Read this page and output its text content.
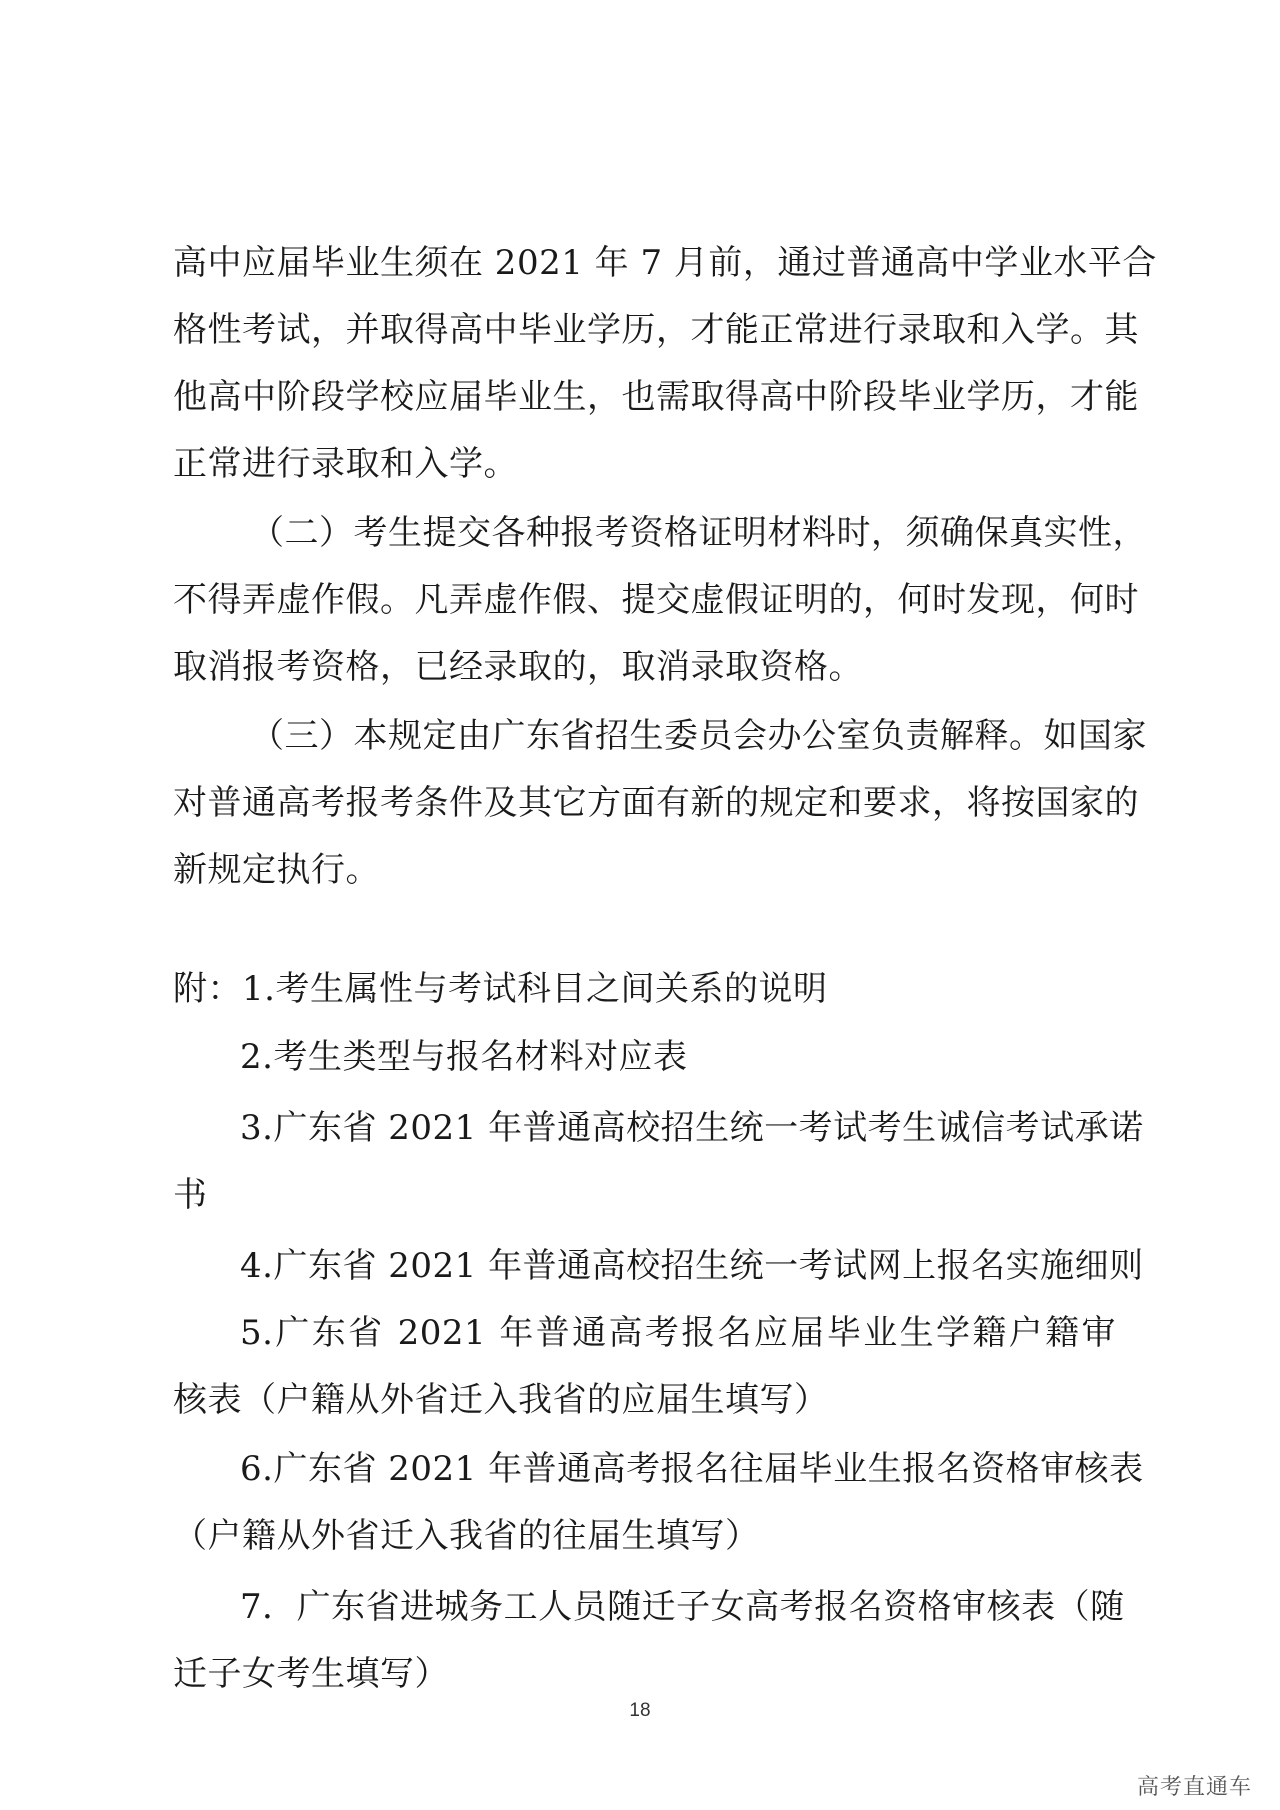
高中应届毕业生须在 2021 年 7 月前，通过普通高中学业水平合
格性考试，并取得高中毕业学历，才能正常进行录取和入学。其
他高中阶段学校应届毕业生，也需取得高中阶段毕业学历，才能
正常进行录取和入学。
（二）考生提交各种报考资格证明材料时，须确保真实性，
不得弄虚作假。凡弄虚作假、提交虚假证明的，何时发现，何时
取消报考资格，已经录取的，取消录取资格。
（三）本规定由广东省招生委员会办公室负责解释。如国家
对普通高考报考条件及其它方面有新的规定和要求，将按国家的
新规定执行。
附：1.考生属性与考试科目之间关系的说明
2.考生类型与报名材料对应表
3.广东省 2021 年普通高校招生统一考试考生诚信考试承诺
书
4.广东省 2021 年普通高校招生统一考试网上报名实施细则
5.广东省 2021 年普通高考报名应届毕业生学籍户籍审
核表（户籍从外省迁入我省的应届生填写）
6.广东省 2021 年普通高考报名往届毕业生报名资格审核表
（户籍从外省迁入我省的往届生填写）
7．广东省进城务工人员随迁子女高考报名资格审核表（随
迁子女考生填写）
18
高考直通车
